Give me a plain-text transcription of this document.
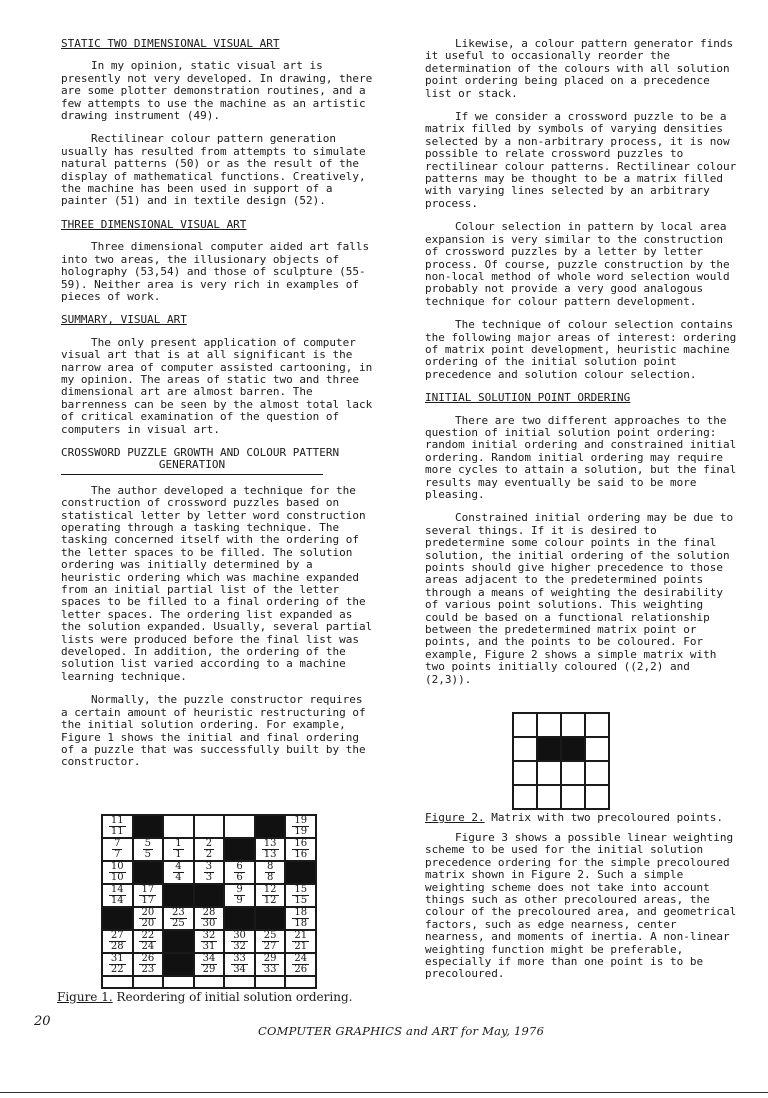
STATIC TWO DIMENSIONAL VISUAL ART

In my opinion, static visual art is presently not very developed. In drawing, there are some plotter demonstration routines, and a few attempts to use the machine as an artistic drawing instrument (49).

Rectilinear colour pattern generation usually has resulted from attempts to simulate natural patterns (50) or as the result of the display of mathematical functions. Creatively, the machine has been used in support of a painter (51) and in textile design (52).

THREE DIMENSIONAL VISUAL ART

Three dimensional computer aided art falls into two areas, the illusionary objects of holography (53,54) and those of sculpture (55-59). Neither area is very rich in examples of pieces of work.

SUMMARY, VISUAL ART

The only present application of computer visual art that is at all significant is the narrow area of computer assisted cartooning, in my opinion. The areas of static two and three dimensional art are almost barren. The barrenness can be seen by the almost total lack of critical examination of the question of computers in visual art.

CROSSWORD PUZZLE GROWTH AND COLOUR PATTERN
GENERATION

The author developed a technique for the construction of crossword puzzles based on statistical letter by letter word construction operating through a tasking technique. The tasking concerned itself with the ordering of the letter spaces to be filled. The solution ordering was initially determined by a heuristic ordering which was machine expanded from an initial partial list of the letter spaces to be filled to a final ordering of the letter spaces. The ordering list expanded as the solution expanded. Usually, several partial lists were produced before the final list was developed. In addition, the ordering of the solution list varied according to a machine learning technique.

Normally, the puzzle constructor requires a certain amount of heuristic restructuring of the initial solution ordering. For example, Figure 1 shows the initial and final ordering of a puzzle that was successfully built by the constructor.

Likewise, a colour pattern generator finds it useful to occasionally reorder the determination of the colours with all solution point ordering being placed on a precedence list or stack.

If we consider a crossword puzzle to be a matrix filled by symbols of varying densities selected by a non-arbitrary process, it is now possible to relate crossword puzzles to rectilinear colour patterns. Rectilinear colour patterns may be thought to be a matrix filled with varying lines selected by an arbitrary process.

Colour selection in pattern by local area expansion is very similar to the construction of crossword puzzles by a letter by letter process. Of course, puzzle construction by the non-local method of whole word selection would probably not provide a very good analogous technique for colour pattern development.

The technique of colour selection contains the following major areas of interest: ordering of matrix point development, heuristic machine ordering of the initial solution point precedence and solution colour selection.

INITIAL SOLUTION POINT ORDERING

There are two different approaches to the question of initial solution point ordering: random initial ordering and constrained initial ordering. Random initial ordering may require more cycles to attain a solution, but the final results may eventually be said to be more pleasing.

Constrained initial ordering may be due to several things. If it is desired to predetermine some colour points in the final solution, the initial ordering of the solution points should give higher precedence to those areas adjacent to the predetermined points through a means of weighting the desirability of various point solutions. This weighting could be based on a functional relationship between the predetermined matrix point or points, and the points to be coloured. For example, Figure 2 shows a simple matrix with two points initially coloured ((2,2) and (2,3)).

11
11
19
19
7
7
5
5
1
1
2
2
13
13
16
16
10
10
4
4
3
3
6
6
8
8
14
14
17
17
9
9
12
12
15
15
20
20
23
25
28
30
18
18
27
28
22
24
32
31
30
32
25
27
21
21
31
22
26
23
34
29
33
34
29
33
24
26
Figure 1. Reordering of initial solution ordering.
Figure 2. Matrix with two precoloured points.

Figure 3 shows a possible linear weighting scheme to be used for the initial solution precedence ordering for the simple precoloured matrix shown in Figure 2. Such a simple weighting scheme does not take into account things such as other precoloured areas, the colour of the precoloured area, and geometrical factors, such as edge nearness, center nearness, and moments of inertia. A non-linear weighting function might be preferable, especially if more than one point is to be precoloured.

20
COMPUTER GRAPHICS and ART for May, 1976
